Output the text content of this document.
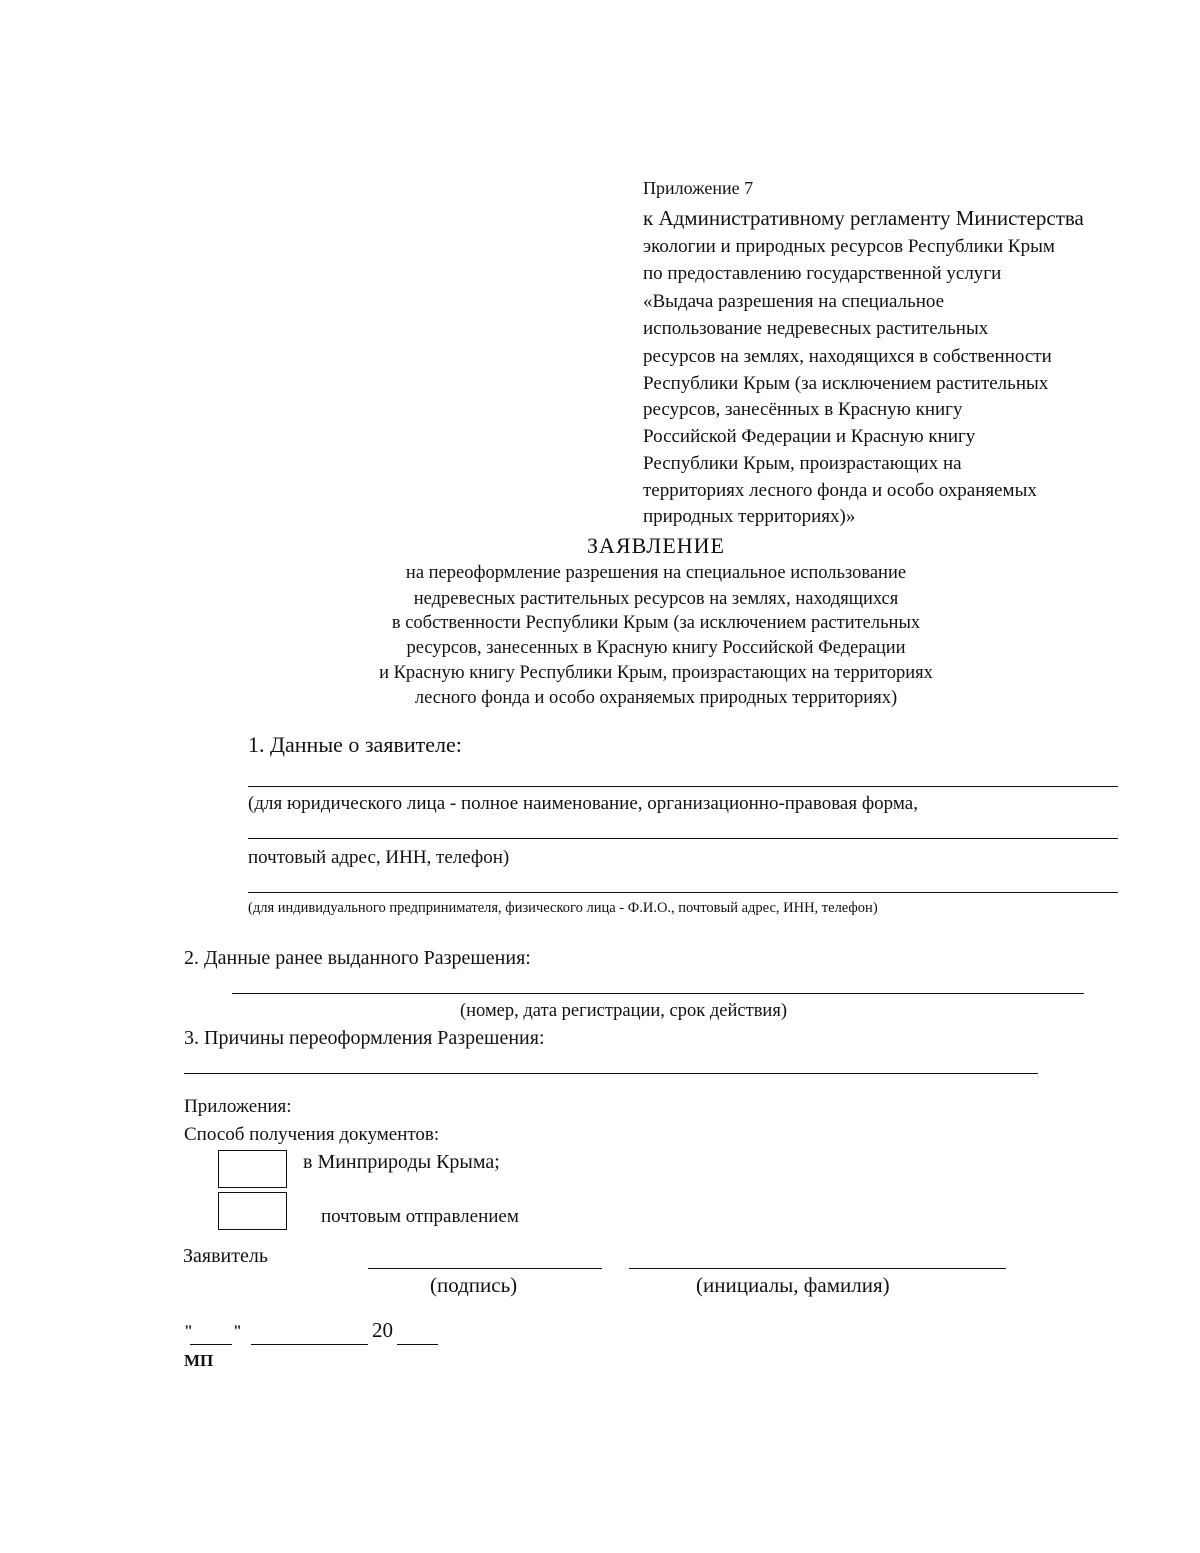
Приложение 7
к Административному регламенту Министерства
экологии и природных ресурсов Республики Крым
по предоставлению государственной услуги
«Выдача разрешения на специальное
использование недревесных растительных
ресурсов на землях, находящихся в собственности
Республики Крым (за исключением растительных
ресурсов, занесённых в Красную книгу
Российской Федерации и Красную книгу
Республики Крым, произрастающих на
территориях лесного фонда и особо охраняемых
природных территориях)»
ЗАЯВЛЕНИЕ
на переоформление разрешения на специальное использование
недревесных растительных ресурсов на землях, находящихся
в собственности Республики Крым (за исключением растительных
ресурсов, занесенных в Красную книгу Российской Федерации
и Красную книгу Республики Крым, произрастающих на территориях
лесного фонда и особо охраняемых природных территориях)
1. Данные о заявителе:
(для юридического лица - полное наименование, организационно-правовая форма,
почтовый адрес, ИНН, телефон)
(для индивидуального предпринимателя, физического лица - Ф.И.О., почтовый адрес, ИНН, телефон)
2. Данные ранее выданного Разрешения:
(номер, дата регистрации, срок действия)
3. Причины переоформления Разрешения:
Приложения:
Способ получения документов:
в Минприроды Крыма;
почтовым отправлением
Заявитель
(подпись)	(инициалы, фамилия)
"	"	20
МП
